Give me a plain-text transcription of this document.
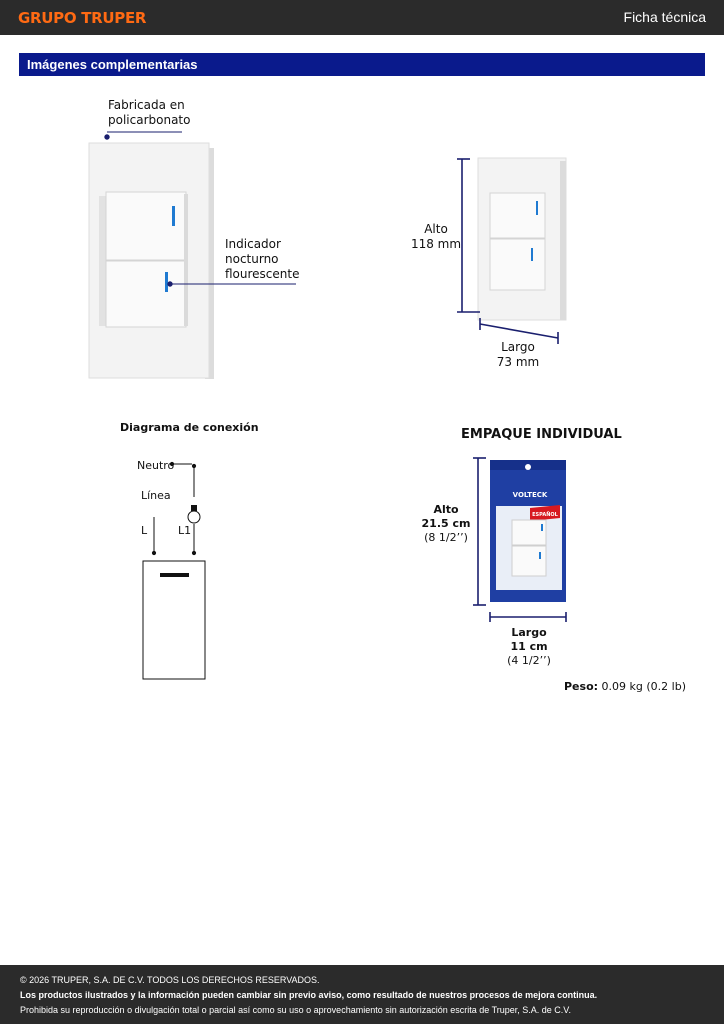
GRUPO TRUPER	Ficha técnica
Imágenes complementarias
VOLTECK
ESPAÑOL
Fabricada en
policarbonato
Indicador
nocturno
flourescente
Alto
118 mm
Largo
73 mm
Diagrama de conexión
Neutro
Línea
L	L1
EMPAQUE INDIVIDUAL
Alto
21.5 cm
(8 1/2’’)
Largo
11 cm
(4 1/2’’)
Peso: 0.09 kg (0.2 lb)
© 2026 TRUPER, S.A. DE C.V. TODOS LOS DERECHOS RESERVADOS.
Los productos ilustrados y la información pueden cambiar sin previo aviso, como resultado de nuestros procesos de mejora continua.
Prohibida su reproducción o divulgación total o parcial así como su uso o aprovechamiento sin autorización escrita de Truper, S.A. de C.V.
